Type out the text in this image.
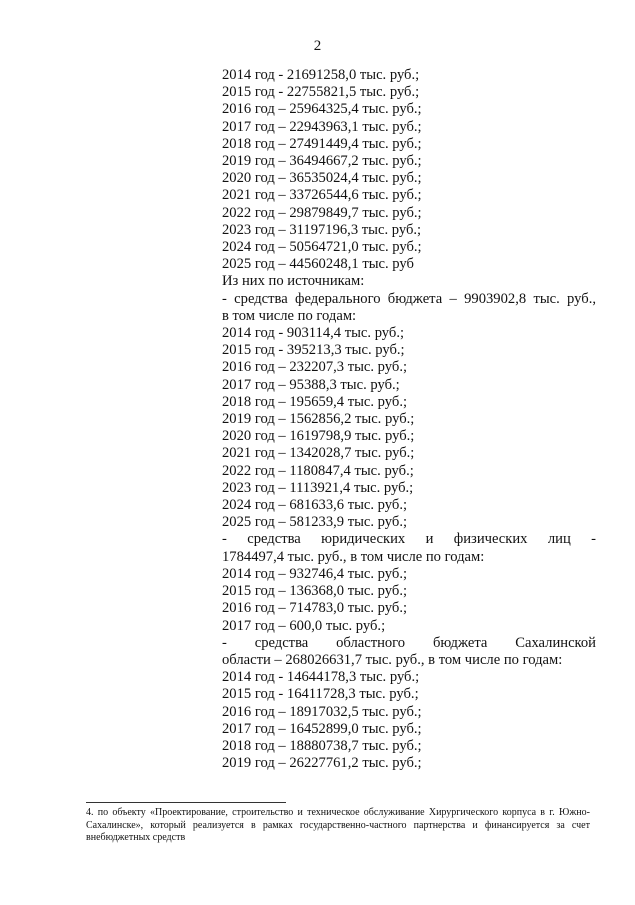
2
2014 год - 21691258,0 тыс. руб.;
2015 год - 22755821,5 тыс. руб.;
2016 год – 25964325,4 тыс. руб.;
2017 год – 22943963,1 тыс. руб.;
2018 год – 27491449,4 тыс. руб.;
2019 год – 36494667,2 тыс. руб.;
2020 год – 36535024,4 тыс. руб.;
2021 год – 33726544,6 тыс. руб.;
2022 год – 29879849,7 тыс. руб.;
2023 год – 31197196,3 тыс. руб.;
2024 год – 50564721,0 тыс. руб.;
2025 год – 44560248,1 тыс. руб
Из них по источникам:
- средства федерального бюджета – 9903902,8 тыс. руб.,
в том числе по годам:
2014 год - 903114,4 тыс. руб.;
2015 год - 395213,3 тыс. руб.;
2016 год – 232207,3 тыс. руб.;
2017 год – 95388,3 тыс. руб.;
2018 год – 195659,4 тыс. руб.;
2019 год – 1562856,2 тыс. руб.;
2020 год – 1619798,9 тыс. руб.;
2021 год – 1342028,7 тыс. руб.;
2022 год – 1180847,4 тыс. руб.;
2023 год – 1113921,4 тыс. руб.;
2024 год – 681633,6 тыс. руб.;
2025 год – 581233,9 тыс. руб.;
- средства юридических и физических лиц -
1784497,4 тыс. руб., в том числе по годам:
2014 год – 932746,4 тыс. руб.;
2015 год – 136368,0 тыс. руб.;
2016 год – 714783,0 тыс. руб.;
2017 год – 600,0 тыс. руб.;
- средства областного бюджета Сахалинской
области – 268026631,7 тыс. руб., в том числе по годам:
2014 год - 14644178,3 тыс. руб.;
2015 год - 16411728,3 тыс. руб.;
2016 год – 18917032,5 тыс. руб.;
2017 год – 16452899,0 тыс. руб.;
2018 год – 18880738,7 тыс. руб.;
2019 год – 26227761,2 тыс. руб.;
4. по объекту «Проектирование, строительство и техническое обслуживание Хирургического корпуса в г. Южно-Сахалинске», который реализуется в рамках государственно-частного партнерства и финансируется за счет внебюджетных средств
